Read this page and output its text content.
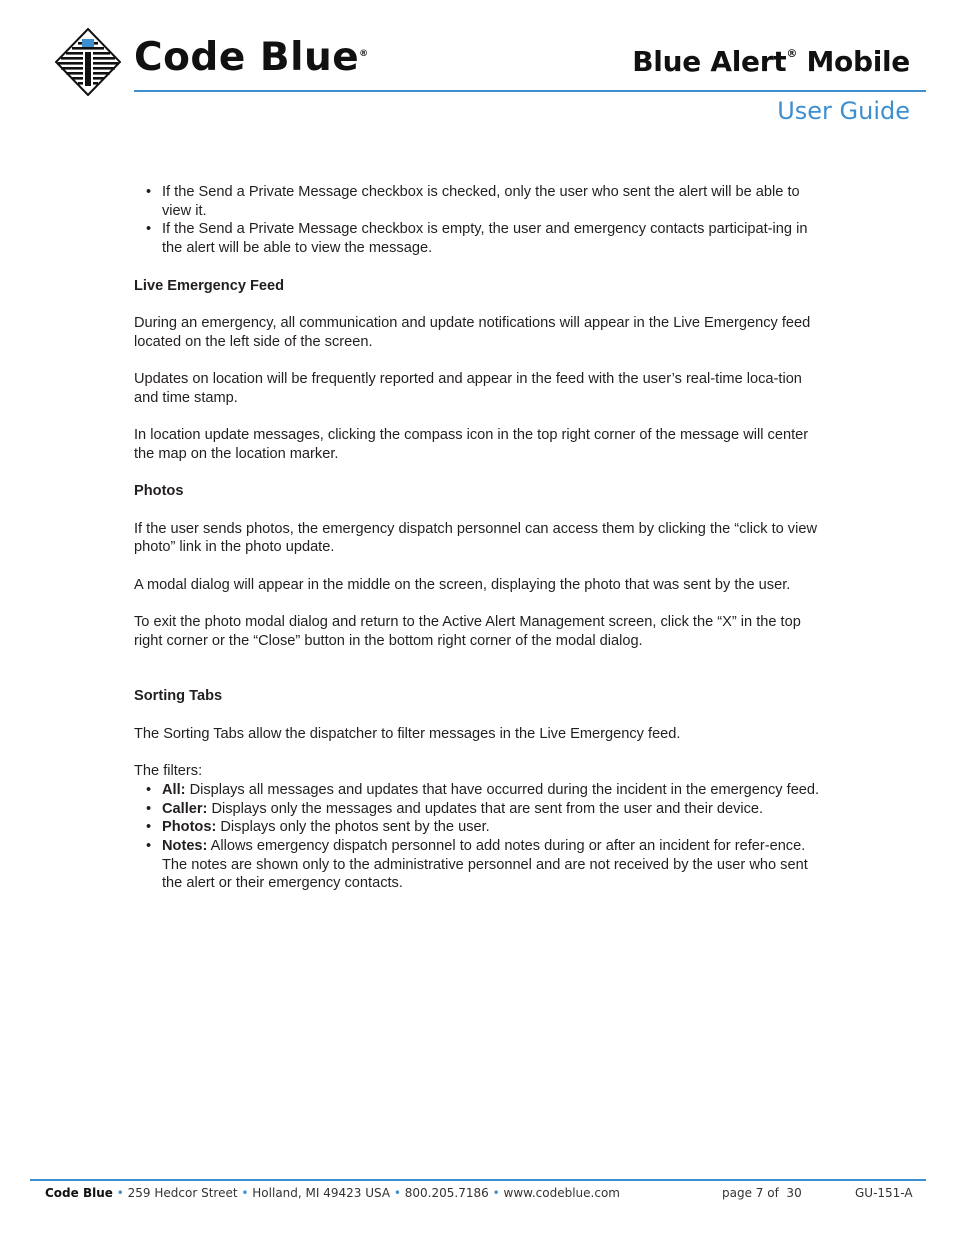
Code Blue®	Blue Alert® Mobile
User Guide
• If the Send a Private Message checkbox is checked, only the user who sent the alert will be able to view it.
• If the Send a Private Message checkbox is empty, the user and emergency contacts participat-ing in the alert will be able to view the message.
Live Emergency Feed

During an emergency, all communication and update notifications will appear in the Live Emergency feed located on the left side of the screen.

Updates on location will be frequently reported and appear in the feed with the user’s real-time loca-tion and time stamp.

In location update messages, clicking the compass icon in the top right corner of the message will center the map on the location marker.

Photos

If the user sends photos, the emergency dispatch personnel can access them by clicking the “click to view photo” link in the photo update.

A modal dialog will appear in the middle on the screen, displaying the photo that was sent by the user.

To exit the photo modal dialog and return to the Active Alert Management screen, click the “X” in the top right corner or the “Close” button in the bottom right corner of the modal dialog.

Sorting Tabs

The Sorting Tabs allow the dispatcher to filter messages in the Live Emergency feed.

The filters:

• All: Displays all messages and updates that have occurred during the incident in the emergency feed.
• Caller: Displays only the messages and updates that are sent from the user and their device.
• Photos: Displays only the photos sent by the user.
• Notes: Allows emergency dispatch personnel to add notes during or after an incident for refer-ence. The notes are shown only to the administrative personnel and are not received by the user who sent the alert or their emergency contacts.
Code Blue • 259 Hedcor Street • Holland, MI 49423 USA • 800.205.7186 • www.codeblue.com	page 7 of  30	GU-151-A
